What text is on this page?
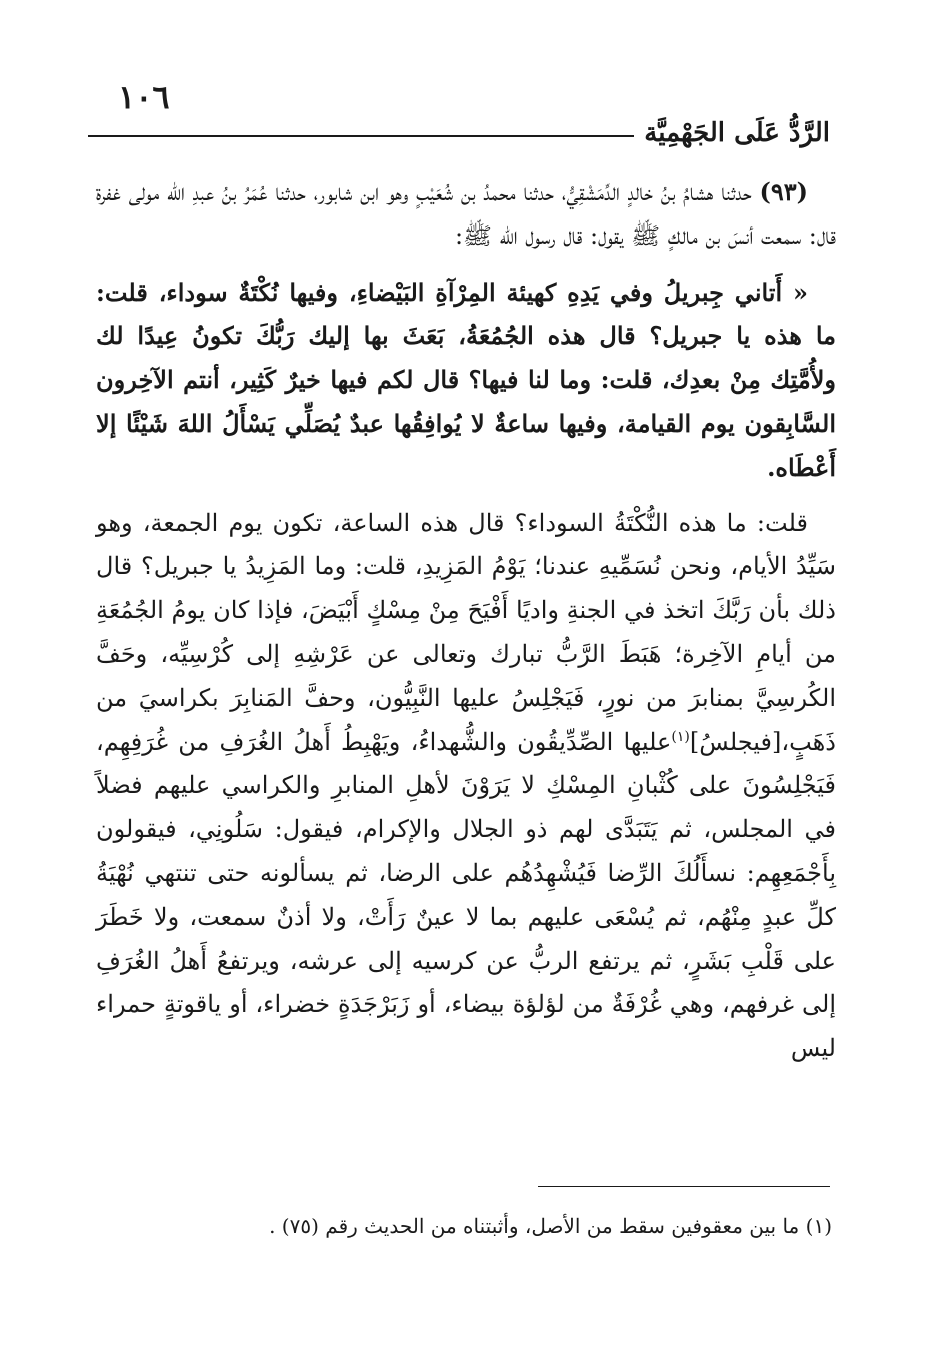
١٠٦
الرَّدُّ عَلَى الجَهْمِيَّة

(٩٣) حدثنا هشامُ بنُ خالدٍ الدِّمَشْقِيُّ، حدثنا محمدُ بن شُعَيْبٍ وهو ابن شابور، حدثنا عُمَرُ بنُ عبدِ الله مولى غفرة قال: سمعت أنسَ بن مالكٍ ﷺ يقول: قال رسول الله ﷺ:

« أَتاني جِبريلُ وفي يَدِهِ كهيئة المِرْآةِ البَيْضاءِ، وفيها نُكْتَةٌ سوداء، قلت: ما هذه يا جبريل؟ قال هذه الجُمُعَةُ، بَعَثَ بها إليك رَبُّكَ تكونُ عِيدًا لك ولأُمَّتِك مِنْ بعدِك، قلت: وما لنا فيها؟ قال لكم فيها خيرٌ كَثِير، أنتم الآخِرون السَّابِقون يوم القيامة، وفيها ساعةٌ لا يُوافِقُها عبدٌ يُصَلِّي يَسْأَلُ اللهَ شَيْئًا إلا أَعْطَاه.

قلت: ما هذه النُّكْتَةُ السوداء؟ قال هذه الساعة، تكون يوم الجمعة، وهو سَيِّدُ الأيام، ونحن نُسَمِّيهِ عندنا؛ يَوْمُ المَزِيدِ، قلت: وما المَزِيدُ يا جبريل؟ قال ذلك بأن رَبَّكَ اتخذ في الجنةِ واديًا أَفْيَحَ مِنْ مِسْكٍ أَبْيَضَ، فإذا كان يومُ الجُمُعَةِ من أيامِ الآخِرة؛ هَبَطَ الرَّبُّ تبارك وتعالى عن عَرْشِهِ إلى كُرْسِيِّه، وحَفَّ الكُرسِيَّ بمنابرَ من نورٍ، فَيَجْلِسُ عليها النَّبِيُّون، وحفَّ المَنابِرَ بكراسيَ من ذَهَبٍ،[فيجلسُ]$^{(١)}$عليها الصِّدِّيقُون والشُّهداءُ، ويَهْبِطُ أَهلُ الغُرَفِ من غُرَفِهِم، فَيَجْلِسُونَ على كُثْبانِ المِسْكِ لا يَرَوْنَ لأهلِ المنابرِ والكراسي عليهم فضلاً في المجلس، ثم يَتَبَدَّى لهم ذو الجلال والإكرام، فيقول: سَلُونِي، فيقولون بِأَجْمَعِهِم: نسأَلُكَ الرِّضا فَيُشْهِدُهُم على الرضا، ثم يسألونه حتى تنتهي نُهْيَةُ كلِّ عبدٍ مِنْهُم، ثم يُسْعَى عليهم بما لا عينٌ رَأَتْ، ولا أذنٌ سمعت، ولا خَطَرَ على قَلْبِ بَشَرٍ، ثم يرتفع الربُّ عن كرسيه إلى عرشه، ويرتفعُ أَهلُ الغُرَفِ إلى غرفهم، وهي غُرْفَةٌ من لؤلؤة بيضاء، أو زَبَرْجَدَةٍ خضراء، أو ياقوتةٍ حمراء ليس

(١) ما بين معقوفين سقط من الأصل، وأثبتناه من الحديث رقم (٧٥) .
